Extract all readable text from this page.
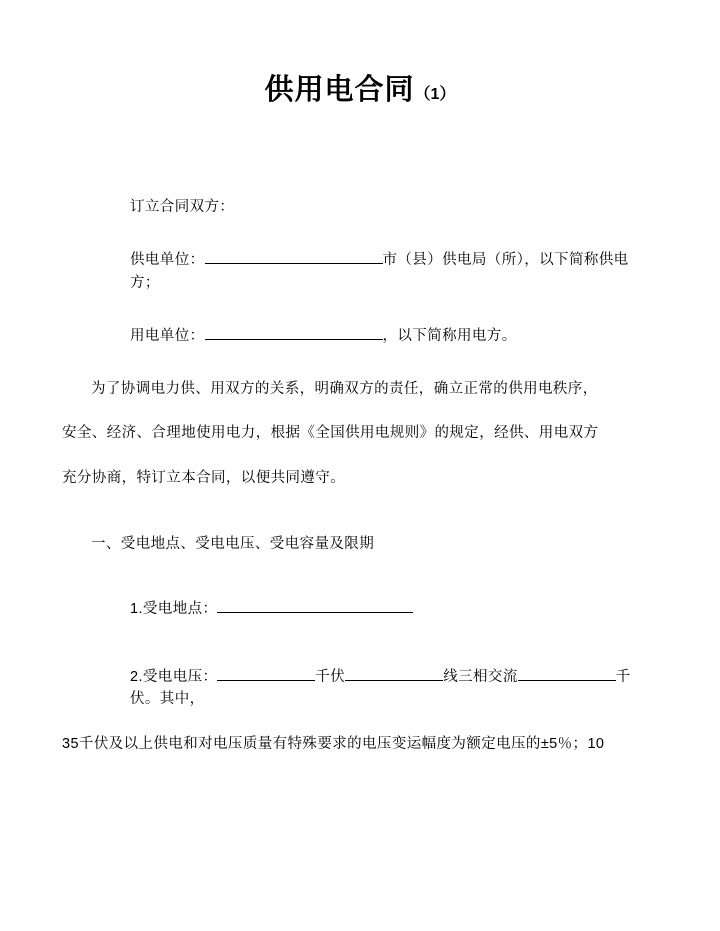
供用电合同（1）

订立合同双方：

供电单位：	市（县）供电局（所），以下简称供电方；

用电单位：	，以下简称用电方。

为了协调电力供、用双方的关系，明确双方的责任，确立正常的供用电秩序，

安全、经济、合理地使用电力，根据《全国供用电规则》的规定，经供、用电双方

充分协商，特订立本合同，以便共同遵守。

一、受电地点、受电电压、受电容量及限期

1.受电地点：

2.受电电压：	千伏	线三相交流	千伏。其中，

35千伏及以上供电和对电压质量有特殊要求的电压变运幅度为额定电压的±5％；10
